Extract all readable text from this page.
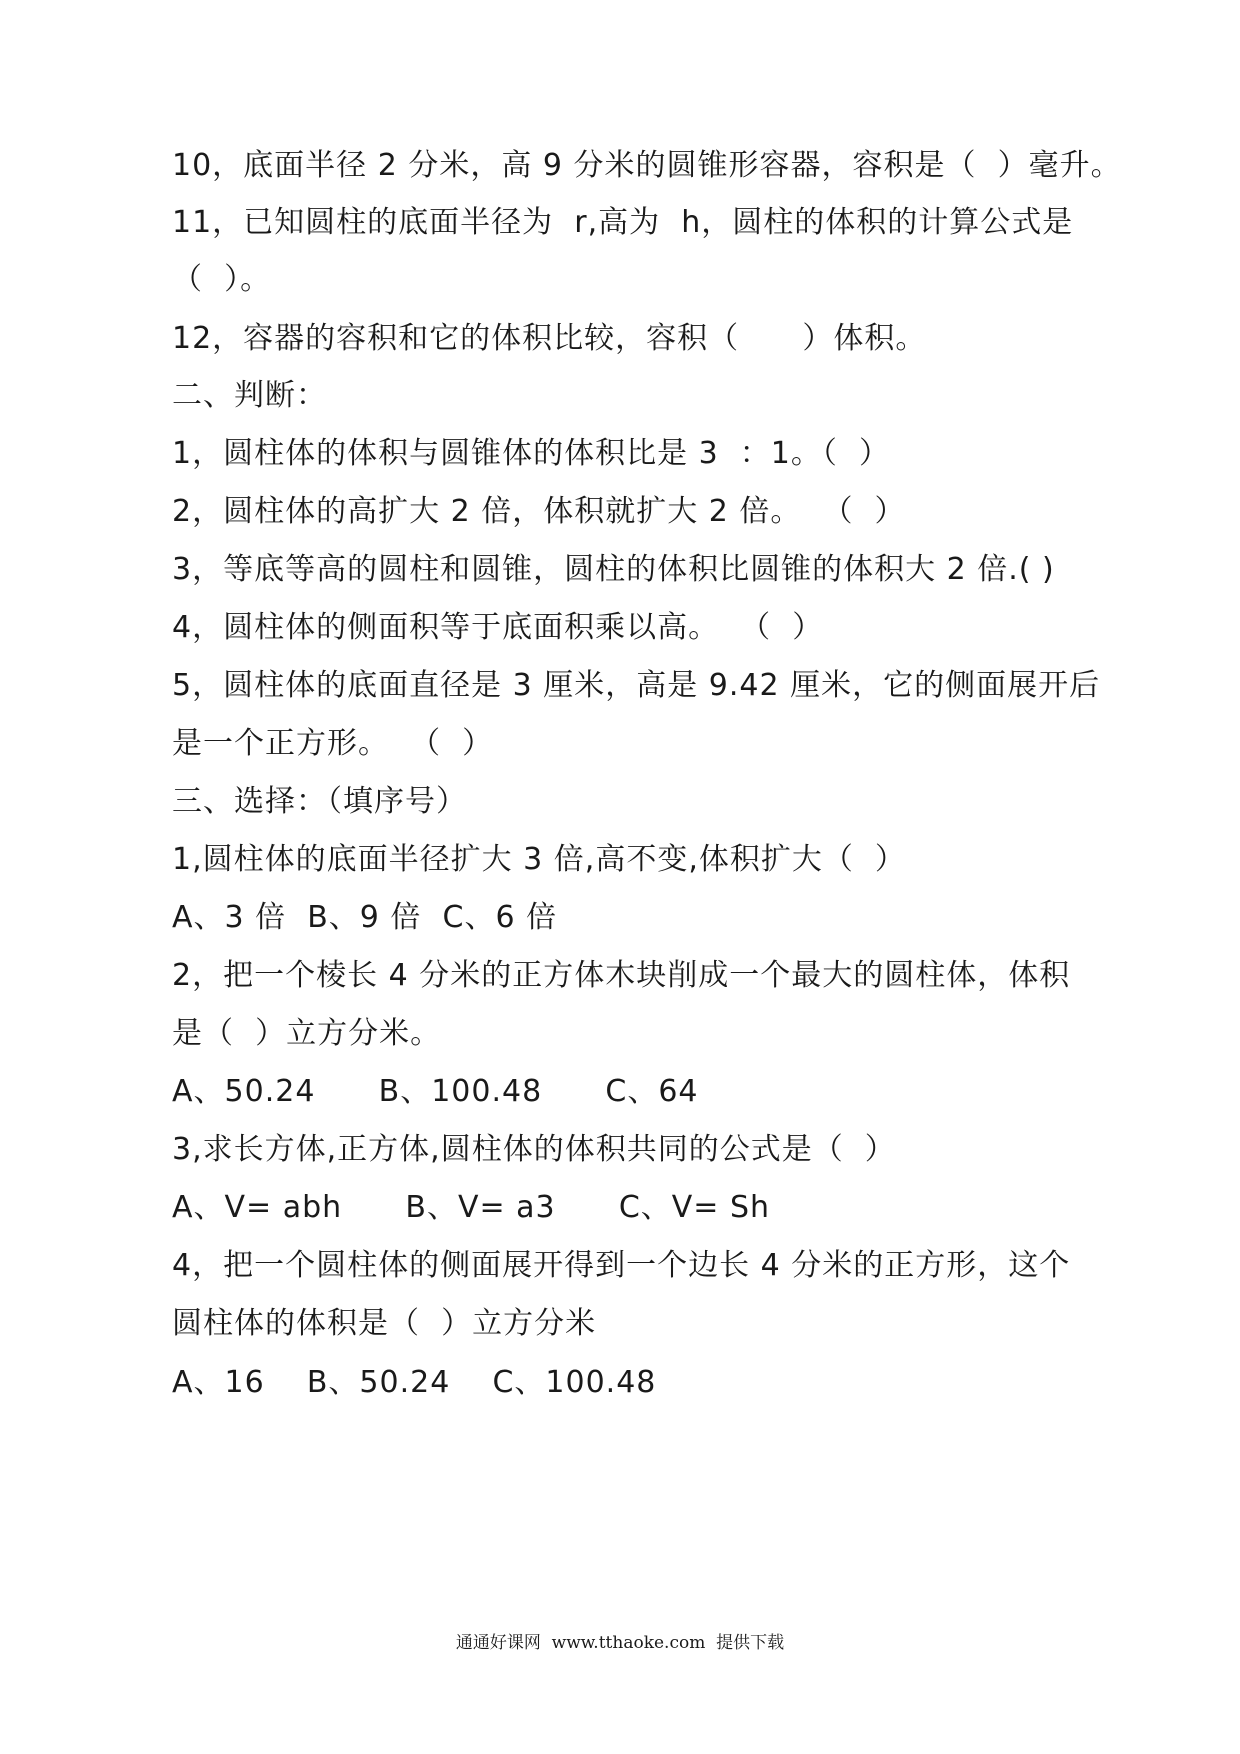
10，底面半径 2 分米，高 9 分米的圆锥形容器，容积是（  ）毫升。
11，已知圆柱的底面半径为  r,高为  h，圆柱的体积的计算公式是
（  ）。
12，容器的容积和它的体积比较，容积（      ）体积。
二、判断：
1，圆柱体的体积与圆锥体的体积比是 3  ：1。（  ）
2，圆柱体的高扩大 2 倍，体积就扩大 2 倍。  （  ）
3，等底等高的圆柱和圆锥，圆柱的体积比圆锥的体积大 2 倍.( )
4，圆柱体的侧面积等于底面积乘以高。  （  ）
5，圆柱体的底面直径是 3 厘米，高是 9.42 厘米，它的侧面展开后
是一个正方形。  （  ）
三、选择：（填序号）
1,圆柱体的底面半径扩大 3 倍,高不变,体积扩大（  ）
A、3 倍  B、9 倍  C、6 倍
2，把一个棱长 4 分米的正方体木块削成一个最大的圆柱体，体积
是（  ）立方分米。
A、50.24      B、100.48      C、64
3,求长方体,正方体,圆柱体的体积共同的公式是（  ）
A、V= abh      B、V= a3      C、V= Sh
4，把一个圆柱体的侧面展开得到一个边长 4 分米的正方形，这个
圆柱体的体积是（  ）立方分米
A、16    B、50.24    C、100.48
通通好课网  www.tthaoke.com  提供下载
